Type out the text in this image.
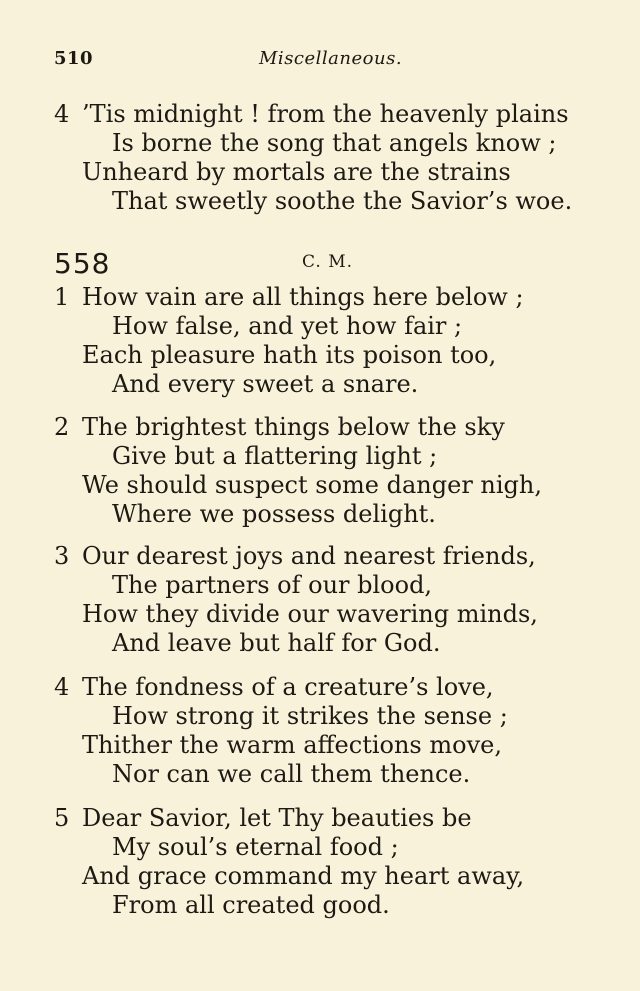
510	Miscellaneous.
4 ’Tis midnight ! from the heavenly plains
Is borne the song that angels know ;
Unheard by mortals are the strains
That sweetly soothe the Savior’s woe.
558	C. M.
1 How vain are all things here below ;
How false, and yet how fair ;
Each pleasure hath its poison too,
And every sweet a snare.
2 The brightest things below the sky
Give but a flattering light ;
We should suspect some danger nigh,
Where we possess delight.
3 Our dearest joys and nearest friends,
The partners of our blood,
How they divide our wavering minds,
And leave but half for God.
4 The fondness of a creature’s love,
How strong it strikes the sense ;
Thither the warm affections move,
Nor can we call them thence.
5 Dear Savior, let Thy beauties be
My soul’s eternal food ;
And grace command my heart away,
From all created good.
